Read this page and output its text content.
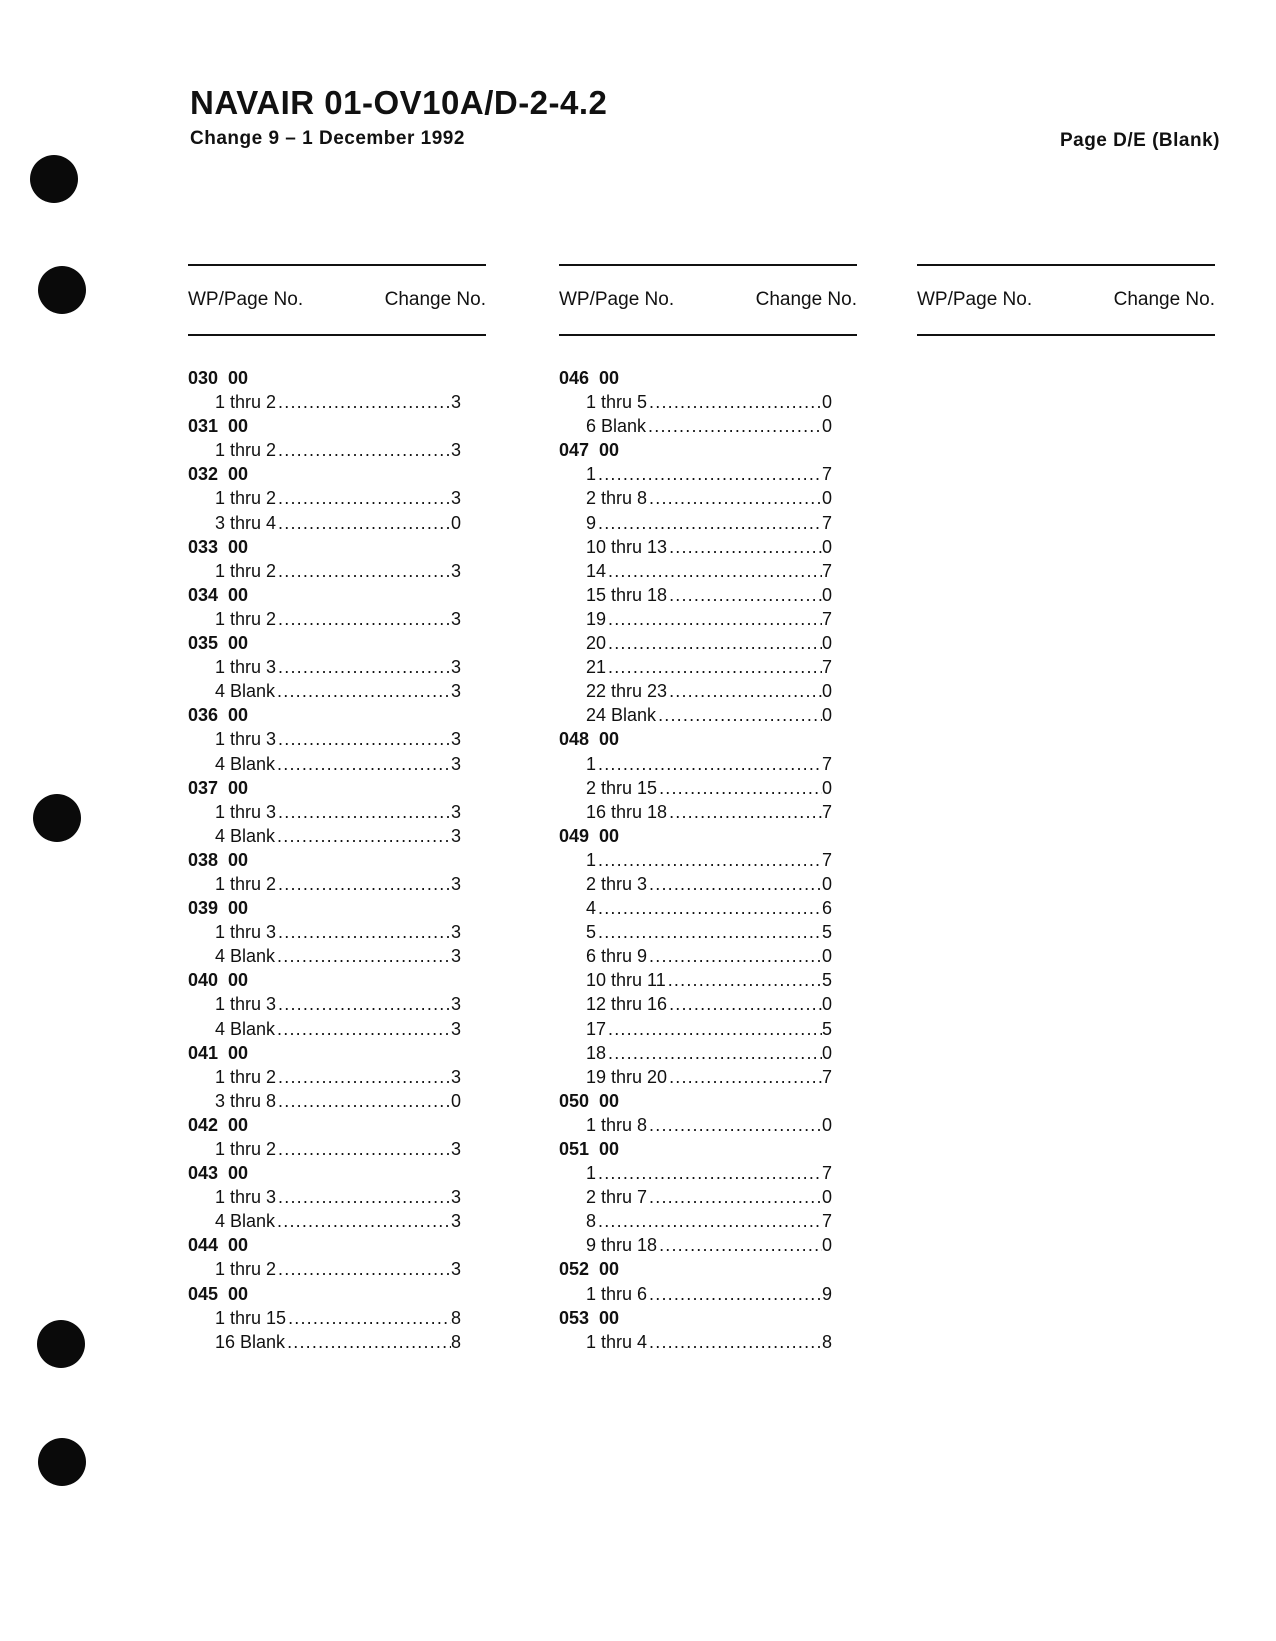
NAVAIR 01-OV10A/D-2-4.2
Change 9 – 1 December 1992	Page D/E (Blank)
WP/Page No.	Change No.
030  00
1 thru 2 .....	3
031  00
1 thru 2 .....	3
032  00
1 thru 2 .....	3
3 thru 4 .....	0
033  00
1 thru 2 .....	3
034  00
1 thru 2 .....	3
035  00
1 thru 3 .....	3
4 Blank .....	3
036  00
1 thru 3 .....	3
4 Blank .....	3
037  00
1 thru 3 .....	3
4 Blank .....	3
038  00
1 thru 2 .....	3
039  00
1 thru 3 .....	3
4 Blank .....	3
040  00
1 thru 3 .....	3
4 Blank .....	3
041  00
1 thru 2 .....	3
3 thru 8 .....	0
042  00
1 thru 2 .....	3
043  00
1 thru 3 .....	3
4 Blank .....	3
044  00
1 thru 2 .....	3
045  00
1 thru 15 .....	8
16 Blank .....	8
WP/Page No.	Change No.
046  00
1 thru 5 .....	0
6 Blank .....	0
047  00
1 .....	7
2 thru 8 .....	0
9 .....	7
10 thru 13 .....	0
14 .....	7
15 thru 18 .....	0
19 .....	7
20 .....	0
21 .....	7
22 thru 23 .....	0
24 Blank .....	0
048  00
1 .....	7
2 thru 15 .....	0
16 thru 18 .....	7
049  00
1 .....	7
2 thru 3 .....	0
4 .....	6
5 .....	5
6 thru 9 .....	0
10 thru 11 .....	5
12 thru 16 .....	0
17 .....	5
18 .....	0
19 thru 20 .....	7
050  00
1 thru 8 .....	0
051  00
1 .....	7
2 thru 7 .....	0
8 .....	7
9 thru 18 .....	0
052  00
1 thru 6 .....	9
053  00
1 thru 4 .....	8
WP/Page No.	Change No.
